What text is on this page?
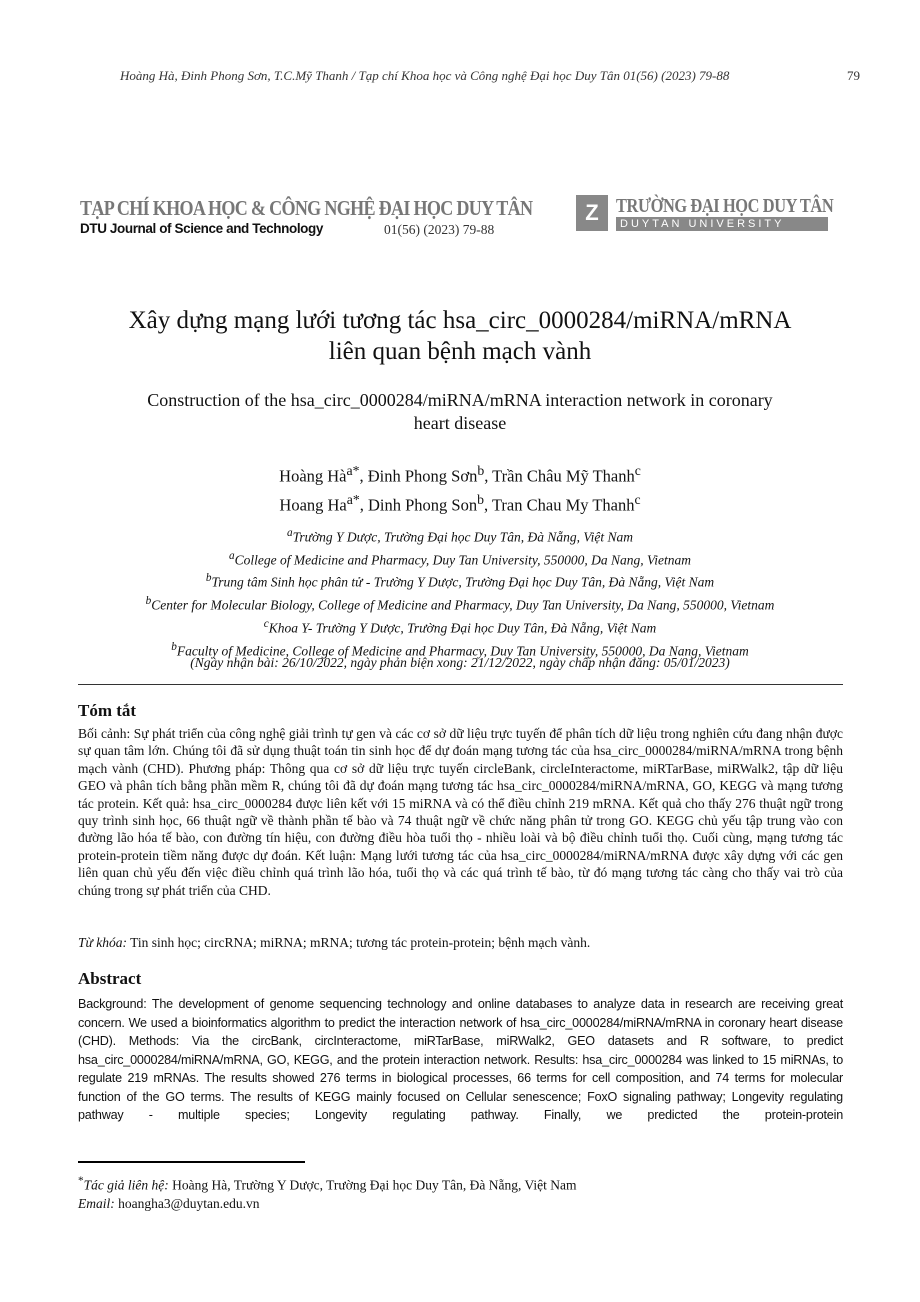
Hoàng Hà, Đinh Phong Sơn, T.C.Mỹ Thanh / Tạp chí Khoa học và Công nghệ Đại học Duy Tân 01(56) (2023) 79-88	79
TẠP CHÍ KHOA HỌC & CÔNG NGHỆ ĐẠI HỌC DUY TÂN
DTU Journal of Science and Technology	01(56) (2023) 79-88
Z TRƯỜNG ĐẠI HỌC DUY TÂN
DUYTAN UNIVERSITY
Xây dựng mạng lưới tương tác hsa_circ_0000284/miRNA/mRNA
liên quan bệnh mạch vành
Construction of the hsa_circ_0000284/miRNA/mRNA interaction network in coronary
heart disease
Hoàng $Hà^{a*}$, Đinh Phong Sơn$^b$, Trần Châu Mỹ Thanh$^c$
Hoang $Ha^{a*}$, Dinh Phong Son$^b$, Tran Chau My Thanh$^c$
$^a$Trường Y Dược, Trường Đại học Duy Tân, Đà Nẵng, Việt Nam
$^a$College of Medicine and Pharmacy, Duy Tan University, 550000, Da Nang, Vietnam
$^b$Trung tâm Sinh học phân tử - Trường Y Dược, Trường Đại học Duy Tân, Đà Nẵng, Việt Nam
$^b$Center for Molecular Biology, College of Medicine and Pharmacy, Duy Tan University, Da Nang, 550000, Vietnam
$^c$Khoa Y- Trường Y Dược, Trường Đại học Duy Tân, Đà Nẵng, Việt Nam
$^b$Faculty of Medicine, College of Medicine and Pharmacy, Duy Tan University, 550000, Da Nang, Vietnam
(Ngày nhận bài: 26/10/2022, ngày phản biện xong: 21/12/2022, ngày chấp nhận đăng: 05/01/2023)
Tóm tắt
Bối cảnh: Sự phát triển của công nghệ giải trình tự gen và các cơ sở dữ liệu trực tuyến để phân tích dữ liệu trong nghiên cứu đang nhận được sự quan tâm lớn. Chúng tôi đã sử dụng thuật toán tin sinh học để dự đoán mạng tương tác của hsa_circ_0000284/miRNA/mRNA trong bệnh mạch vành (CHD). Phương pháp: Thông qua cơ sở dữ liệu trực tuyến circleBank, circleInteractome, miRTarBase, miRWalk2, tập dữ liệu GEO và phân tích bằng phần mềm R, chúng tôi đã dự đoán mạng tương tác hsa_circ_0000284/miRNA/mRNA, GO, KEGG và mạng tương tác protein. Kết quả: hsa_circ_0000284 được liên kết với 15 miRNA và có thể điều chỉnh 219 mRNA. Kết quả cho thấy 276 thuật ngữ trong quy trình sinh học, 66 thuật ngữ về thành phần tế bào và 74 thuật ngữ về chức năng phân tử trong GO. KEGG chủ yếu tập trung vào con đường lão hóa tế bào, con đường tín hiệu, con đường điều hòa tuổi thọ - nhiều loài và bộ điều chỉnh tuổi thọ. Cuối cùng, mạng tương tác protein-protein tiềm năng được dự đoán. Kết luận: Mạng lưới tương tác của hsa_circ_0000284/miRNA/mRNA được xây dựng với các gen liên quan chủ yếu đến việc điều chỉnh quá trình lão hóa, tuổi thọ và các quá trình tế bào, từ đó mạng tương tác càng cho thấy vai trò của chúng trong sự phát triển của CHD.
Từ khóa: Tin sinh học; circRNA; miRNA; mRNA; tương tác protein-protein; bệnh mạch vành.
Abstract
Background: The development of genome sequencing technology and online databases to analyze data in research are receiving great concern. We used a bioinformatics algorithm to predict the interaction network of hsa_circ_0000284/miRNA/mRNA in coronary heart disease (CHD). Methods: Via the circBank, circInteractome, miRTarBase, miRWalk2, GEO datasets and R software, to predict hsa_circ_0000284/miRNA/mRNA, GO, KEGG, and the protein interaction network. Results: hsa_circ_0000284 was linked to 15 miRNAs, to regulate 219 mRNAs. The results showed 276 terms in biological processes, 66 terms for cell composition, and 74 terms for molecular function of the GO terms. The results of KEGG mainly focused on Cellular senescence; FoxO signaling pathway; Longevity regulating pathway - multiple species; Longevity regulating pathway. Finally, we predicted the protein-protein
*Tác giả liên hệ: Hoàng Hà, Trường Y Dược, Trường Đại học Duy Tân, Đà Nẵng, Việt Nam
Email: hoangha3@duytan.edu.vn
